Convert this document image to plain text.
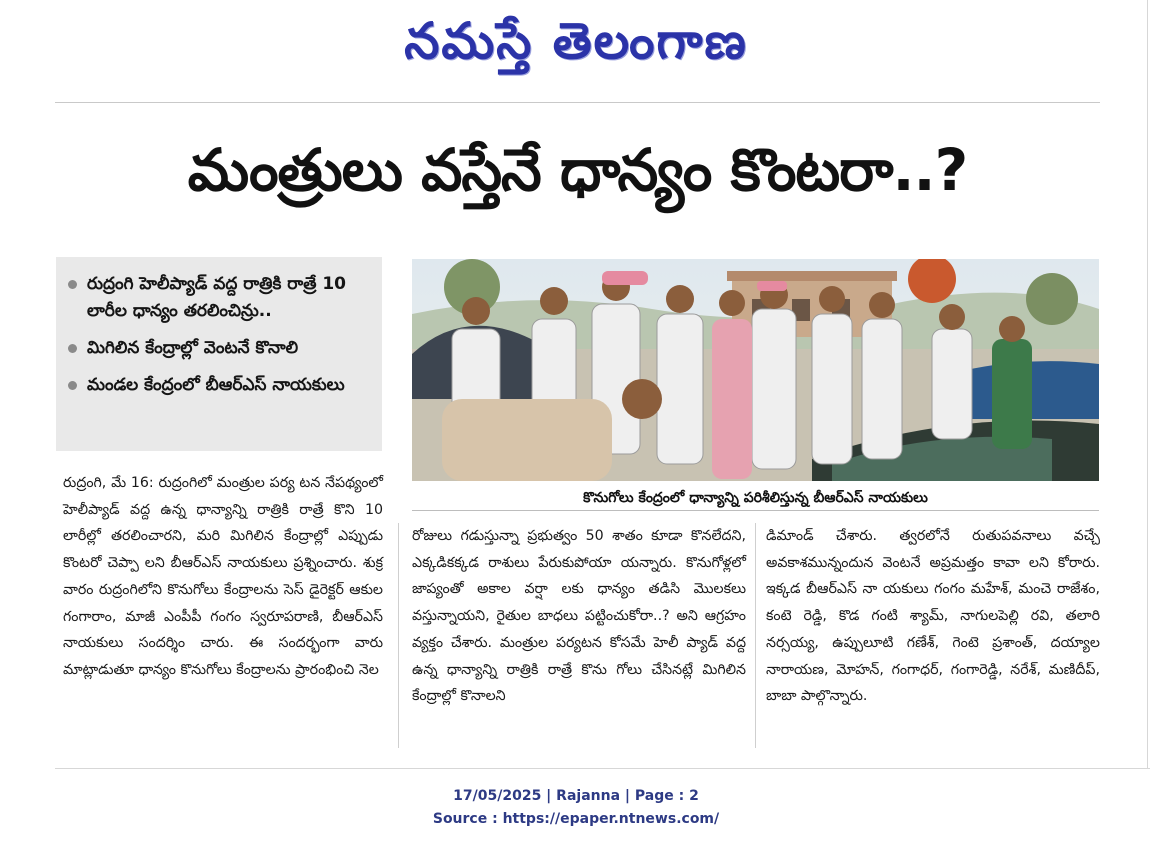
నమస్తే తెలంగాణ
మంత్రులు వస్తేనే ధాన్యం కొంటరా..?
రుద్రంగి హెలీప్యాడ్ వద్ద రాత్రికి రాత్రే 10 లారీల ధాన్యం తరలించిన్రు..
మిగిలిన కేంద్రాల్లో వెంటనే కొనాలి
మండల కేంద్రంలో బీఆర్ఎస్ నాయకులు
కొనుగోలు కేంద్రంలో ధాన్యాన్ని పరిశీలిస్తున్న బీఆర్ఎస్ నాయకులు

రుద్రంగి, మే 16: రుద్రంగిలో మంత్రుల పర్య టన నేపథ్యంలో హెలీప్యాడ్ వద్ద ఉన్న ధాన్యాన్ని రాత్రికి రాత్రే కొని 10 లారీల్లో తరలించారని, మరి మిగిలిన కేంద్రాల్లో ఎప్పుడు కొంటరో చెప్పా లని బీఆర్ఎస్ నాయకులు ప్రశ్నించారు. శుక్ర వారం రుద్రంగిలోని కొనుగోలు కేంద్రాలను సెస్ డైరెక్టర్ ఆకుల గంగారాం, మాజీ ఎంపీపీ గంగం స్వరూపరాణి, బీఆర్ఎస్ నాయకులు సందర్శిం చారు. ఈ సందర్భంగా వారు మాట్లాడుతూ ధాన్యం కొనుగోలు కేంద్రాలను ప్రారంభించి నెల

రోజులు గడుస్తున్నా ప్రభుత్వం 50 శాతం కూడా కొనలేదని, ఎక్కడికక్కడ రాశులు పేరుకుపోయా యన్నారు. కొనుగోళ్లలో జాప్యంతో అకాల వర్షా లకు ధాన్యం తడిసి మొలకలు వస్తున్నాయని, రైతుల బాధలు పట్టించుకోరా..? అని ఆగ్రహం వ్యక్తం చేశారు. మంత్రుల పర్యటన కోసమే హెలీ ప్యాడ్ వద్ద ఉన్న ధాన్యాన్ని రాత్రికి రాత్రే కొను గోలు చేసినట్లే మిగిలిన కేంద్రాల్లో కొనాలని

డిమాండ్ చేశారు. త్వరలోనే రుతుపవనాలు వచ్చే అవకాశమున్నందున వెంటనే అప్రమత్తం కావా లని కోరారు. ఇక్కడ బీఆర్ఎస్ నా యకులు గంగం మహేశ్, మంచె రాజేశం, కంటె రెడ్డి, కొడ గంటి శ్యామ్, నాగులపెల్లి రవి, తలారి నర్సయ్య, ఉప్పులూటి గణేశ్, గెంటె ప్రశాంత్, దయ్యాల నారాయణ, మోహన్, గంగాధర్, గంగారెడ్డి, నరేశ్, మణిదీప్, బాబా పాల్గొన్నారు.

17/05/2025 | Rajanna | Page : 2
Source : https://epaper.ntnews.com/
